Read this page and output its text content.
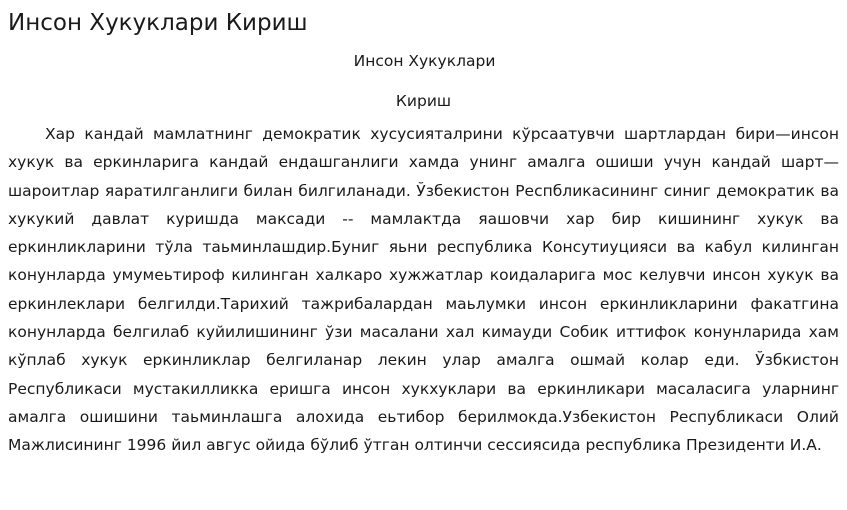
Инсон Хукуклари Кириш
Инсон Хукуклари
Кириш

Хар кандай мамлатнинг демократик хусусияталрини кўрсаатувчи шартлардан бири—инсон хукук ва еркинларига кандай ендашганлиги хамда унинг амалга ошиши учун кандай шарт—шароитлар яаратилганлиги билан билгиланади. Ўзбекистон Респбликасининг синиг демократик ва хукукий давлат куришда максади -- мамлактда яашовчи хар бир кишининг хукук ва еркинликларини тўла таьминлашдир.Буниг яьни республика Консутиуцияси ва кабул килинган конунларда умумеьтироф килинган халкаро хужжатлар коидаларига мос келувчи инсон хукук ва еркинлеклари белгилди.Тарихий тажрибалардан маьлумки инсон еркинликларини факатгина конунларда белгилаб куйилишининг ўзи масалани хал кимауди Собик иттифок конунларида хам кўплаб хукук еркинликлар белгиланар лекин улар амалга ошмай колар еди. Ўзбкистон Республикаси мустакилликка еришга инсон хукхуклари ва еркинликари масаласига уларнинг амалга ошишини таьминлашга алохида еьтибор берилмокда.Узбекистон Республикаси Олий Мажлисининг 1996 йил авгус ойида бўлиб ўтган олтинчи сессиясида республика Президенти И.А.
